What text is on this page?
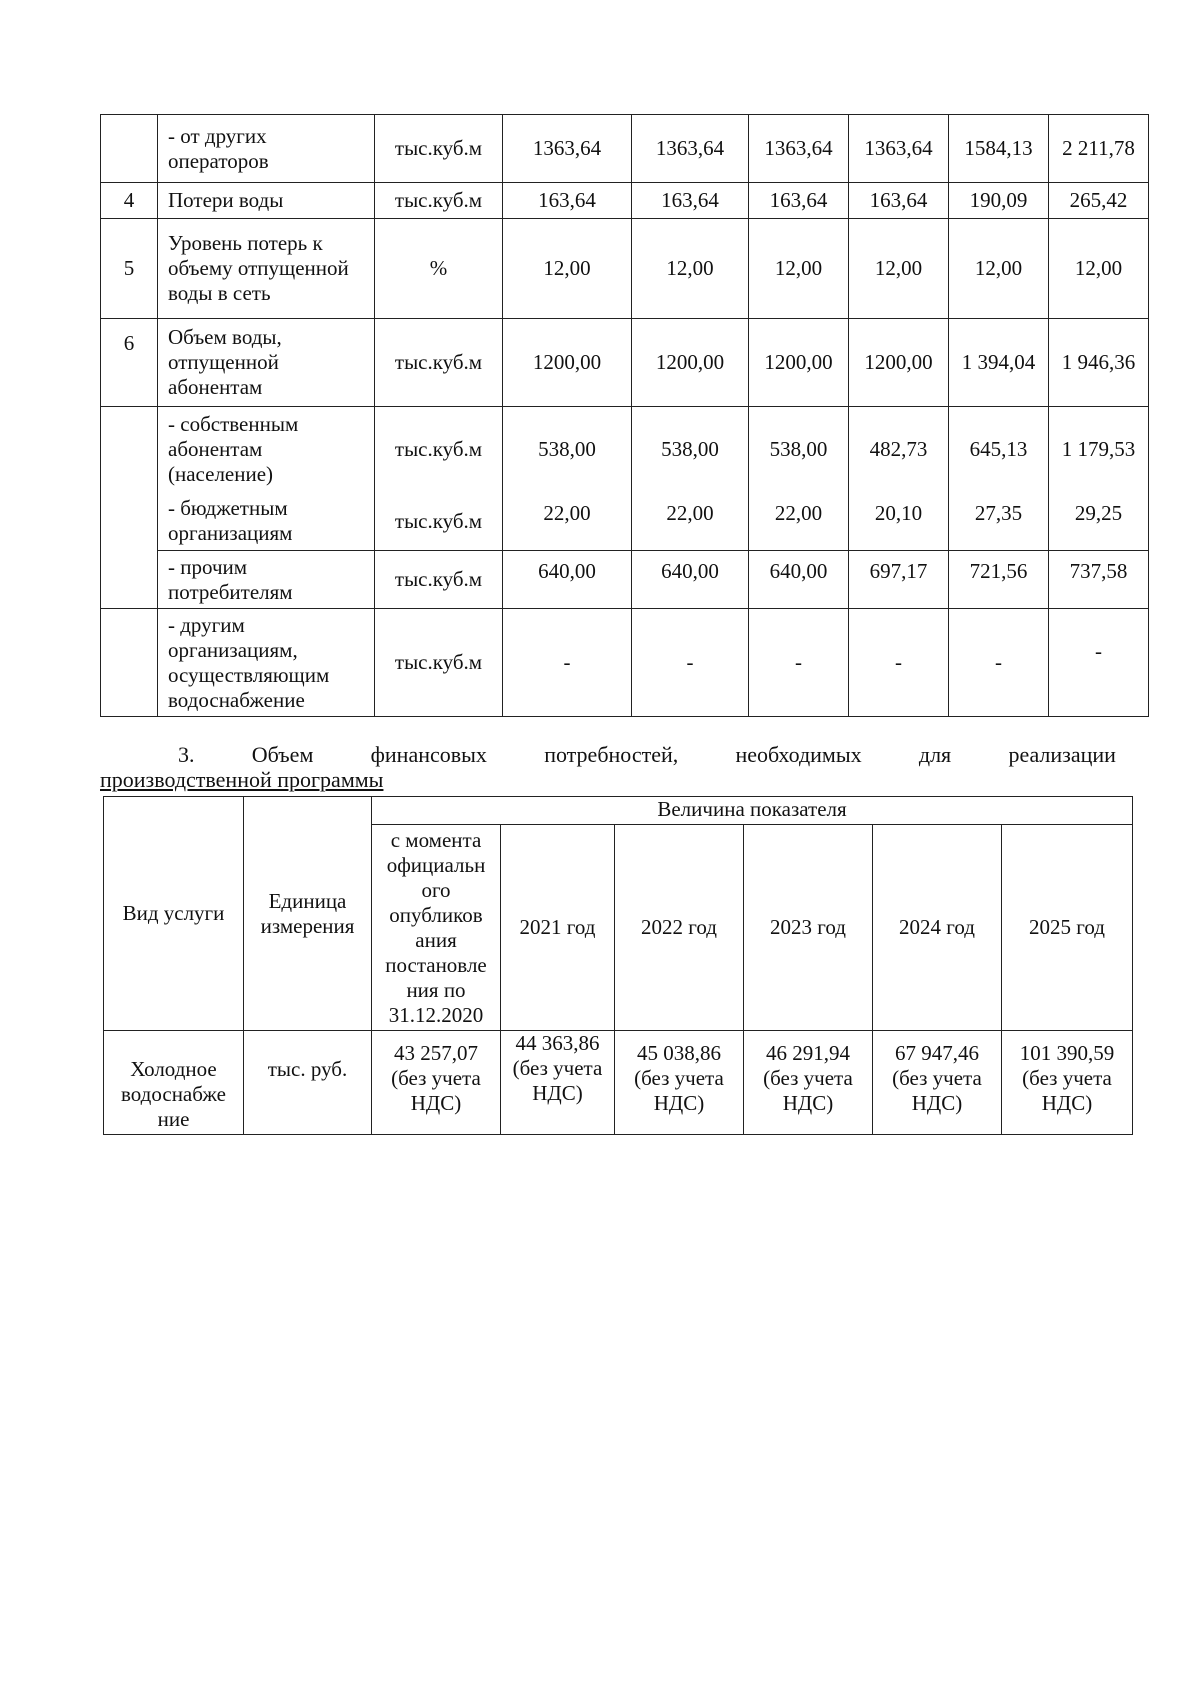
	- от других операторов	тыс.куб.м	1363,64	1363,64	1363,64	1363,64	1584,13	2 211,78
4	Потери воды	тыс.куб.м	163,64	163,64	163,64	163,64	190,09	265,42
5	Уровень потерь к объему отпущенной воды в сеть	%	12,00	12,00	12,00	12,00	12,00	12,00
6	Объем воды, отпущенной абонентам	тыс.куб.м	1200,00	1200,00	1200,00	1200,00	1 394,04	1 946,36
	- собственным абонентам (население)	тыс.куб.м	538,00	538,00	538,00	482,73	645,13	1 179,53
	- бюджетным организациям	тыс.куб.м	22,00	22,00	22,00	20,10	27,35	29,25
	- прочим потребителям	тыс.куб.м	640,00	640,00	640,00	697,17	721,56	737,58
	- другим организациям, осуществляющим водоснабжение	тыс.куб.м	-	-	-	-	-	-
3.	Объем	финансовых	потребностей,	необходимых	для	реализации
производственной программы
Вид услуги	Единица измерения	Величина показателя					
		с момента официальн ого опубликов ания постановле ния по 31.12.2020	2021 год	2022 год	2023 год	2024 год	2025 год
Холодное водоснабже ние	тыс. руб.	43 257,07 (без учета НДС)	44 363,86 (без учета НДС)	45 038,86 (без учета НДС)	46 291,94 (без учета НДС)	67 947,46 (без учета НДС)	101 390,59 (без учета НДС)
